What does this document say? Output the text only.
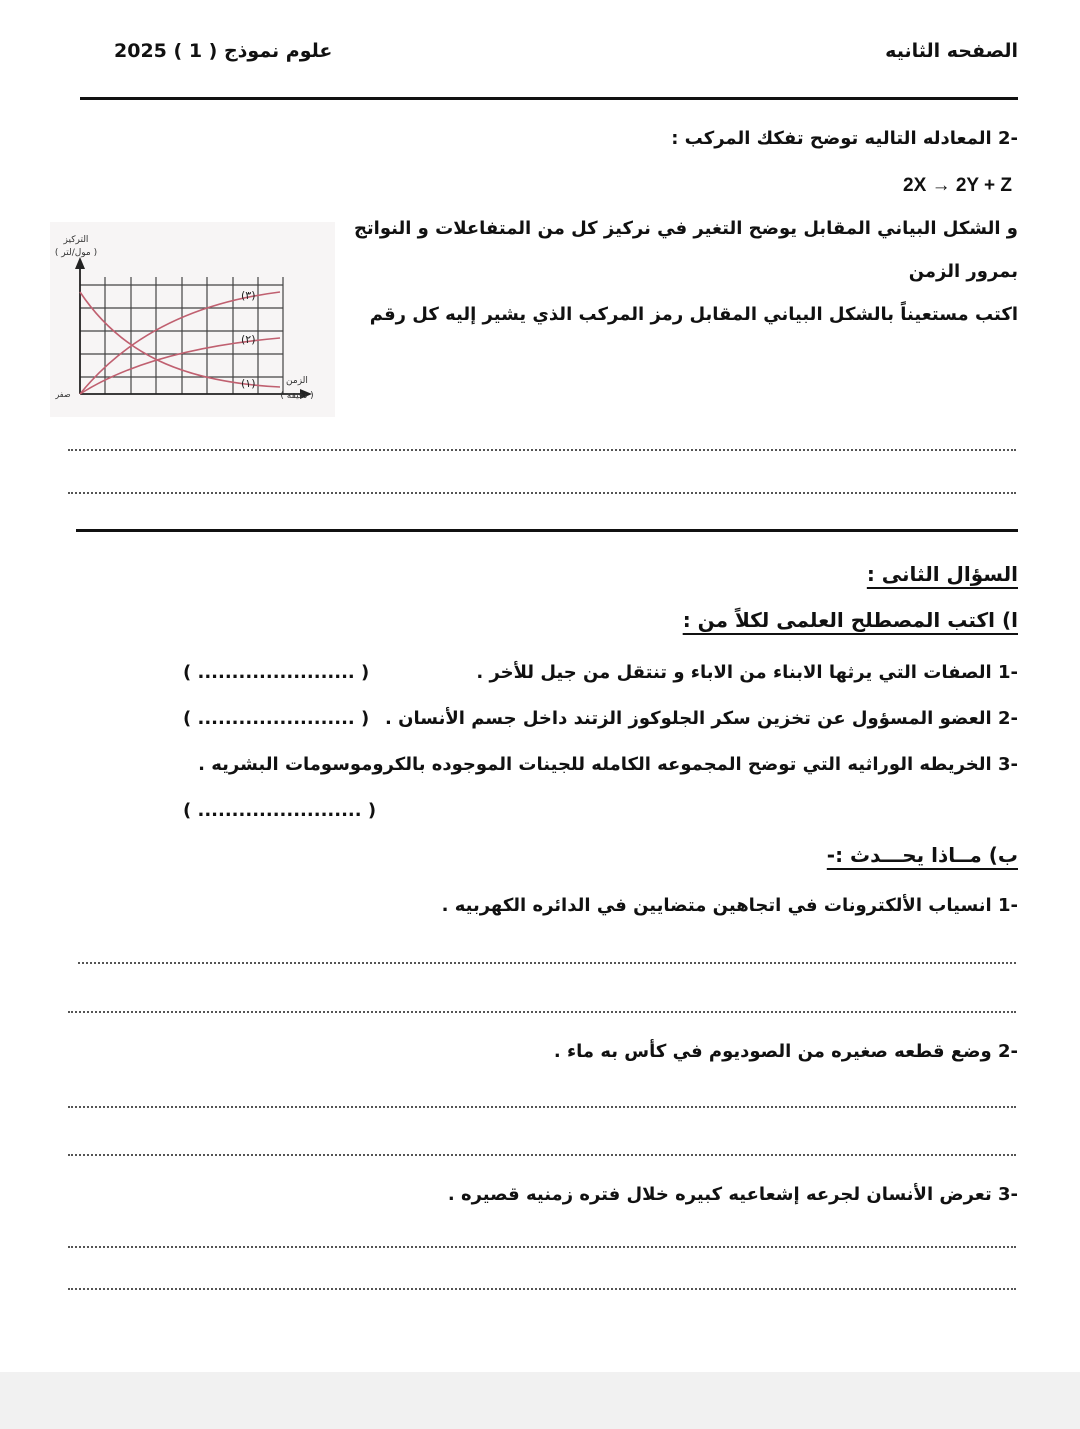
الصفحه الثانيه
علوم نموذج ( 1 ) 2025
-2 المعادله التاليه توضح تفكك المركب :
2X → 2Y + Z
و الشكل البياني المقابل يوضح التغير في نركيز كل من المتفاعلات و النواتج
بمرور الزمن
اكتب مستعيناً بالشكل البياني المقابل رمز المركب الذي يشير إليه كل رقم
التركيز
( مول/لتر )
الزمن
( دقيقة )
صفر
(٣)
(٢)
(١)
السؤال الثانى :
ا) اكتب المصطلح العلمى لكلاً من :
-1 الصفات التي يرثها الابناء من الاباء و تنتقل من جيل للأخر .
( ....................... )
-2 العضو المسؤول عن تخزين سكر الجلوكوز الزتند داخل جسم الأنسان .
( ....................... )
-3 الخريطه الوراثيه التي توضح المجموعه الكامله للجينات الموجوده بالكروموسومات البشريه .
( ........................ )
ب) مــاذا يحـــدث :-
-1 انسياب الألكترونات في اتجاهين متضايين في الدائره الكهربيه .
-2 وضع قطعه صغيره من الصوديوم في كأس به ماء .
-3 تعرض الأنسان لجرعه إشعاعيه كبيره خلال فتره زمنيه قصيره .
